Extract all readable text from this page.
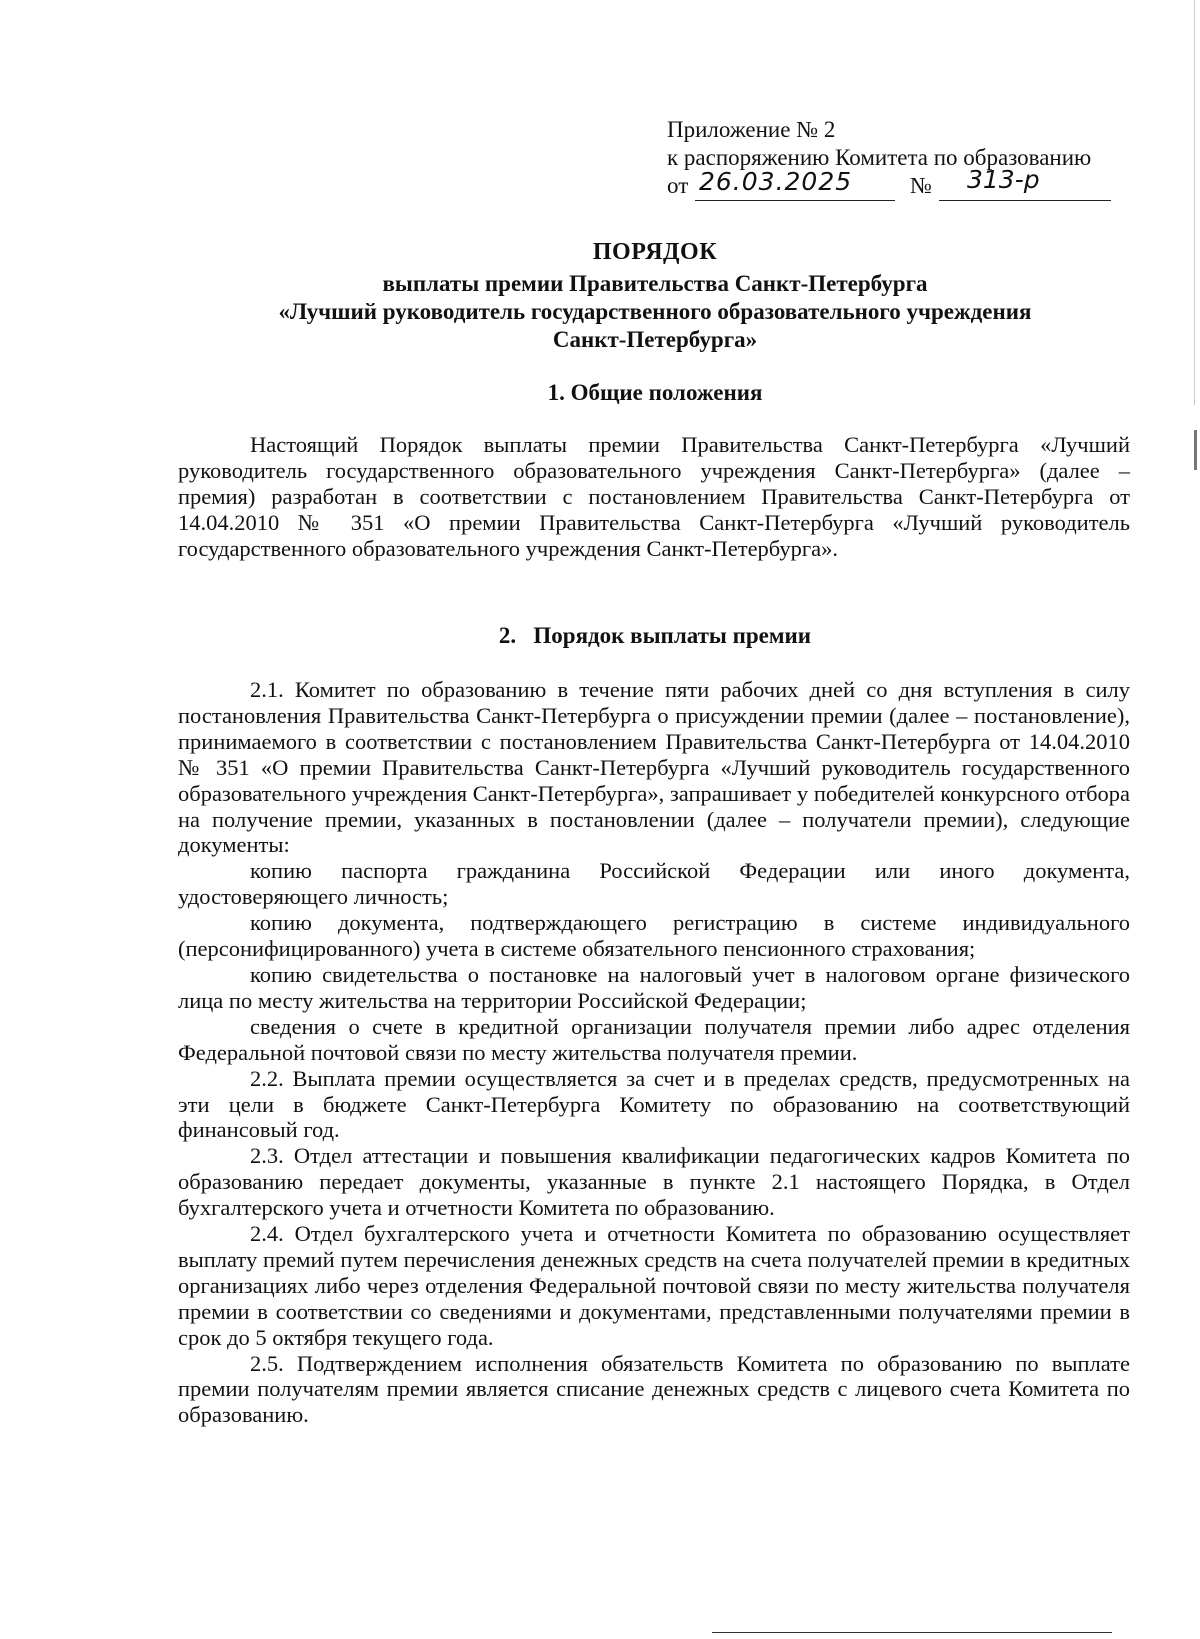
Приложение № 2
к распоряжению Комитета по образованию
от 26.03.2025	№ 313-р
ПОРЯДОК
выплаты премии Правительства Санкт-Петербурга
«Лучший руководитель государственного образовательного учреждения
Санкт-Петербурга»
1. Общие положения

Настоящий Порядок выплаты премии Правительства Санкт-Петербурга «Лучший руководитель государственного образовательного учреждения Санкт-Петербурга» (далее – премия) разработан в соответствии с постановлением Правительства Санкт-Петербурга от 14.04.2010 № 351 «О премии Правительства Санкт-Петербурга «Лучший руководитель государственного образовательного учреждения Санкт-Петербурга».

2.   Порядок выплаты премии

2.1. Комитет по образованию в течение пяти рабочих дней со дня вступления в силу постановления Правительства Санкт-Петербурга о присуждении премии (далее – постановление), принимаемого в соответствии с постановлением Правительства Санкт-Петербурга от 14.04.2010 № 351 «О премии Правительства Санкт-Петербурга «Лучший руководитель государственного образовательного учреждения Санкт-Петербурга», запрашивает у победителей конкурсного отбора на получение премии, указанных в постановлении (далее – получатели премии), следующие документы:

копию паспорта гражданина Российской Федерации или иного документа, удостоверяющего личность;

копию документа, подтверждающего регистрацию в системе индивидуального (персонифицированного) учета в системе обязательного пенсионного страхования;

копию свидетельства о постановке на налоговый учет в налоговом органе физического лица по месту жительства на территории Российской Федерации;

сведения о счете в кредитной организации получателя премии либо адрес отделения Федеральной почтовой связи по месту жительства получателя премии.

2.2. Выплата премии осуществляется за счет и в пределах средств, предусмотренных на эти цели в бюджете Санкт-Петербурга Комитету по образованию на соответствующий финансовый год.

2.3. Отдел аттестации и повышения квалификации педагогических кадров Комитета по образованию передает документы, указанные в пункте 2.1 настоящего Порядка, в Отдел бухгалтерского учета и отчетности Комитета по образованию.

2.4. Отдел бухгалтерского учета и отчетности Комитета по образованию осуществляет выплату премий путем перечисления денежных средств на счета получателей премии в кредитных организациях либо через отделения Федеральной почтовой связи по месту жительства получателя премии в соответствии со сведениями и документами, представленными получателями премии в срок до 5 октября текущего года.

2.5. Подтверждением исполнения обязательств Комитета по образованию по выплате премии получателям премии является списание денежных средств с лицевого счета Комитета по образованию.
